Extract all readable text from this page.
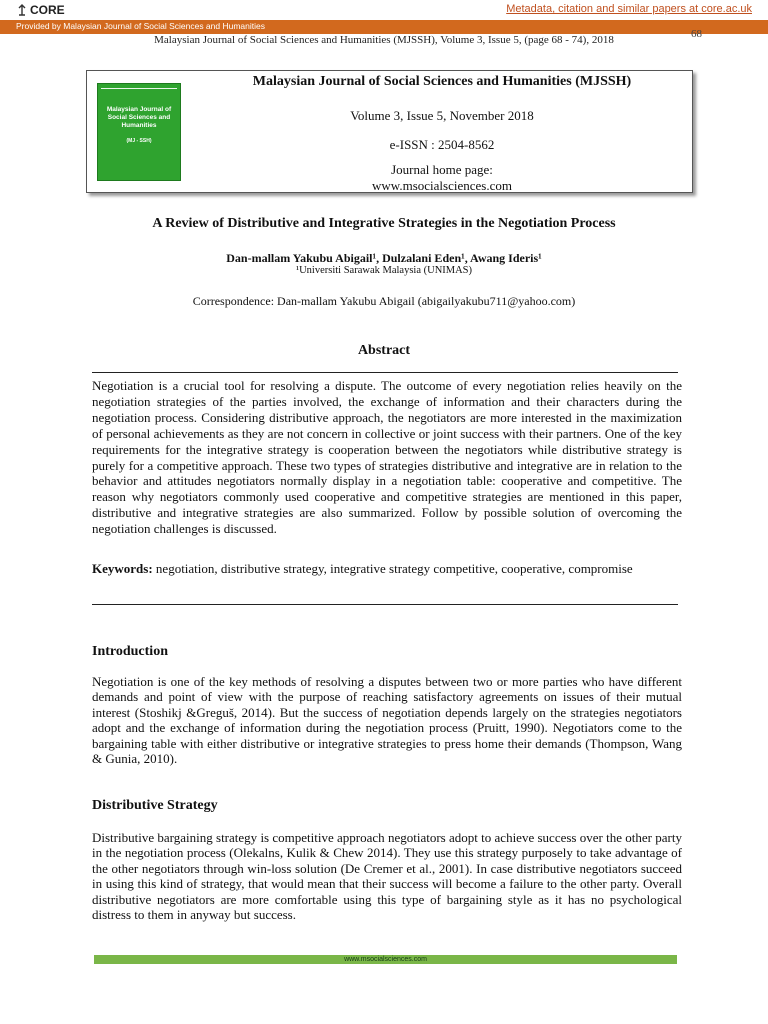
CORE	Metadata, citation and similar papers at core.ac.uk
Provided by Malaysian Journal of Social Sciences and Humanities
Malaysian Journal of Social Sciences and Humanities (MJSSH), Volume 3, Issue 5, (page 68 - 74), 2018	68
Malaysian Journal of Social Sciences and Humanities
(MJ - SSH)
Malaysian Journal of Social Sciences and Humanities (MJSSH)
Volume 3, Issue 5, November 2018
e-ISSN : 2504-8562
Journal home page:
www.msocialsciences.com
A Review of Distributive and Integrative Strategies in the Negotiation Process
Dan-mallam Yakubu Abigail¹, Dulzalani Eden¹, Awang Ideris¹
¹Universiti Sarawak Malaysia (UNIMAS)
Correspondence: Dan-mallam Yakubu Abigail (abigailyakubu711@yahoo.com)
Abstract
Negotiation is a crucial tool for resolving a dispute. The outcome of every negotiation relies heavily on the negotiation strategies of the parties involved, the exchange of information and their characters during the negotiation process. Considering distributive approach, the negotiators are more interested in the maximization of personal achievements as they are not concern in collective or joint success with their partners. One of the key requirements for the integrative strategy is cooperation between the negotiators while distributive strategy is purely for a competitive approach. These two types of strategies distributive and integrative are in relation to the behavior and attitudes negotiators normally display in a negotiation table: cooperative and competitive. The reason why negotiators commonly used cooperative and competitive strategies are mentioned in this paper, distributive and integrative strategies are also summarized. Follow by possible solution of overcoming the negotiation challenges is discussed.
Keywords: negotiation, distributive strategy, integrative strategy competitive, cooperative, compromise
Introduction
Negotiation is one of the key methods of resolving a disputes between two or more parties who have different demands and point of view with the purpose of reaching satisfactory agreements on issues of their mutual interest (Stoshikj &Greguš, 2014). But the success of negotiation depends largely on the strategies negotiators adopt and the exchange of information during the negotiation process (Pruitt, 1990). Negotiators come to the bargaining table with either distributive or integrative strategies to press home their demands (Thompson, Wang & Gunia, 2010).
Distributive Strategy
Distributive bargaining strategy is competitive approach negotiators adopt to achieve success over the other party in the negotiation process (Olekalns, Kulik & Chew 2014). They use this strategy purposely to take advantage of the other negotiators through win-loss solution (De Cremer et al., 2001). In case distributive negotiators succeed in using this kind of strategy, that would mean that their success will become a failure to the other party. Overall distributive negotiators are more comfortable using this type of bargaining style as it has no psychological distress to them in anyway but success.
www.msocialsciences.com
